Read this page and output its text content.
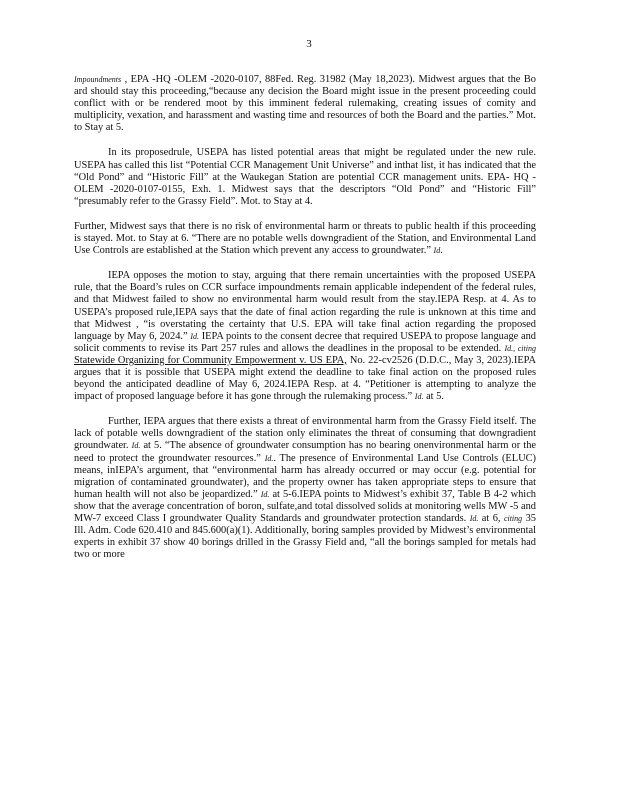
3

Impoundments , EPA -HQ -OLEM -2020-0107, 88Fed. Reg. 31982 (May 18,2023). Midwest argues that the Bo ard should stay this proceeding,“because any decision the Board might issue in the present proceeding could conflict with or be rendered moot by this imminent federal rulemaking, creating issues of comity and multiplicity, vexation, and harassment and wasting time and resources of both the Board and the parties.” Mot. to Stay at 5.

In its proposedrule, USEPA has listed potential areas that might be regulated under the new rule. USEPA has called this list “Potential CCR Management Unit Universe” and inthat list, it has indicated that the “Old Pond” and “Historic Fill” at the Waukegan Station are potential CCR management units. EPA- HQ -OLEM -2020-0107-0155, Exh. 1. Midwest says that the descriptors “Old Pond” and “Historic Fill” “presumably refer to the Grassy Field”. Mot. to Stay at 4.

Further, Midwest says that there is no risk of environmental harm or threats to public health if this proceeding is stayed. Mot. to Stay at 6. “There are no potable wells downgradient of the Station, and Environmental Land Use Controls are established at the Station which prevent any access to groundwater.” Id.

IEPA opposes the motion to stay, arguing that there remain uncertainties with the proposed USEPA rule, that the Board’s rules on CCR surface impoundments remain applicable independent of the federal rules, and that Midwest failed to show no environmental harm would result from the stay.IEPA Resp. at 4. As to USEPA’s proposed rule,IEPA says that the date of final action regarding the rule is unknown at this time and that Midwest , “is overstating the certainty that U.S. EPA will take final action regarding the proposed language by May 6, 2024.” Id. IEPA points to the consent decree that required USEPA to propose language and solicit comments to revise its Part 257 rules and allows the deadlines in the proposal to be extended. Id., citing Statewide Organizing for Community Empowerment v. US EPA, No. 22-cv2526 (D.D.C., May 3, 2023).IEPA argues that it is possible that USEPA might extend the deadline to take final action on the proposed rules beyond the anticipated deadline of May 6, 2024.IEPA Resp. at 4. “Petitioner is attempting to analyze the impact of proposed language before it has gone through the rulemaking process.” Id. at 5.

Further, IEPA argues that there exists a threat of environmental harm from the Grassy Field itself. The lack of potable wells downgradient of the station only eliminates the threat of consuming that downgradient groundwater. Id. at 5. “The absence of groundwater consumption has no bearing onenvironmental harm or the need to protect the groundwater resources.” Id.. The presence of Environmental Land Use Controls (ELUC) means, inIEPA’s argument, that “environmental harm has already occurred or may occur (e.g. potential for migration of contaminated groundwater), and the property owner has taken appropriate steps to ensure that human health will not also be jeopardized.” Id. at 5-6.IEPA points to Midwest’s exhibit 37, Table B 4-2 which show that the average concentration of boron, sulfate,and total dissolved solids at monitoring wells MW -5 and MW-7 exceed Class I groundwater Quality Standards and groundwater protection standards. Id. at 6, citing 35 Ill. Adm. Code 620.410 and 845.600(a)(1). Additionally, boring samples provided by Midwest’s environmental experts in exhibit 37 show 40 borings drilled in the Grassy Field and, “all the borings sampled for metals had two or more
